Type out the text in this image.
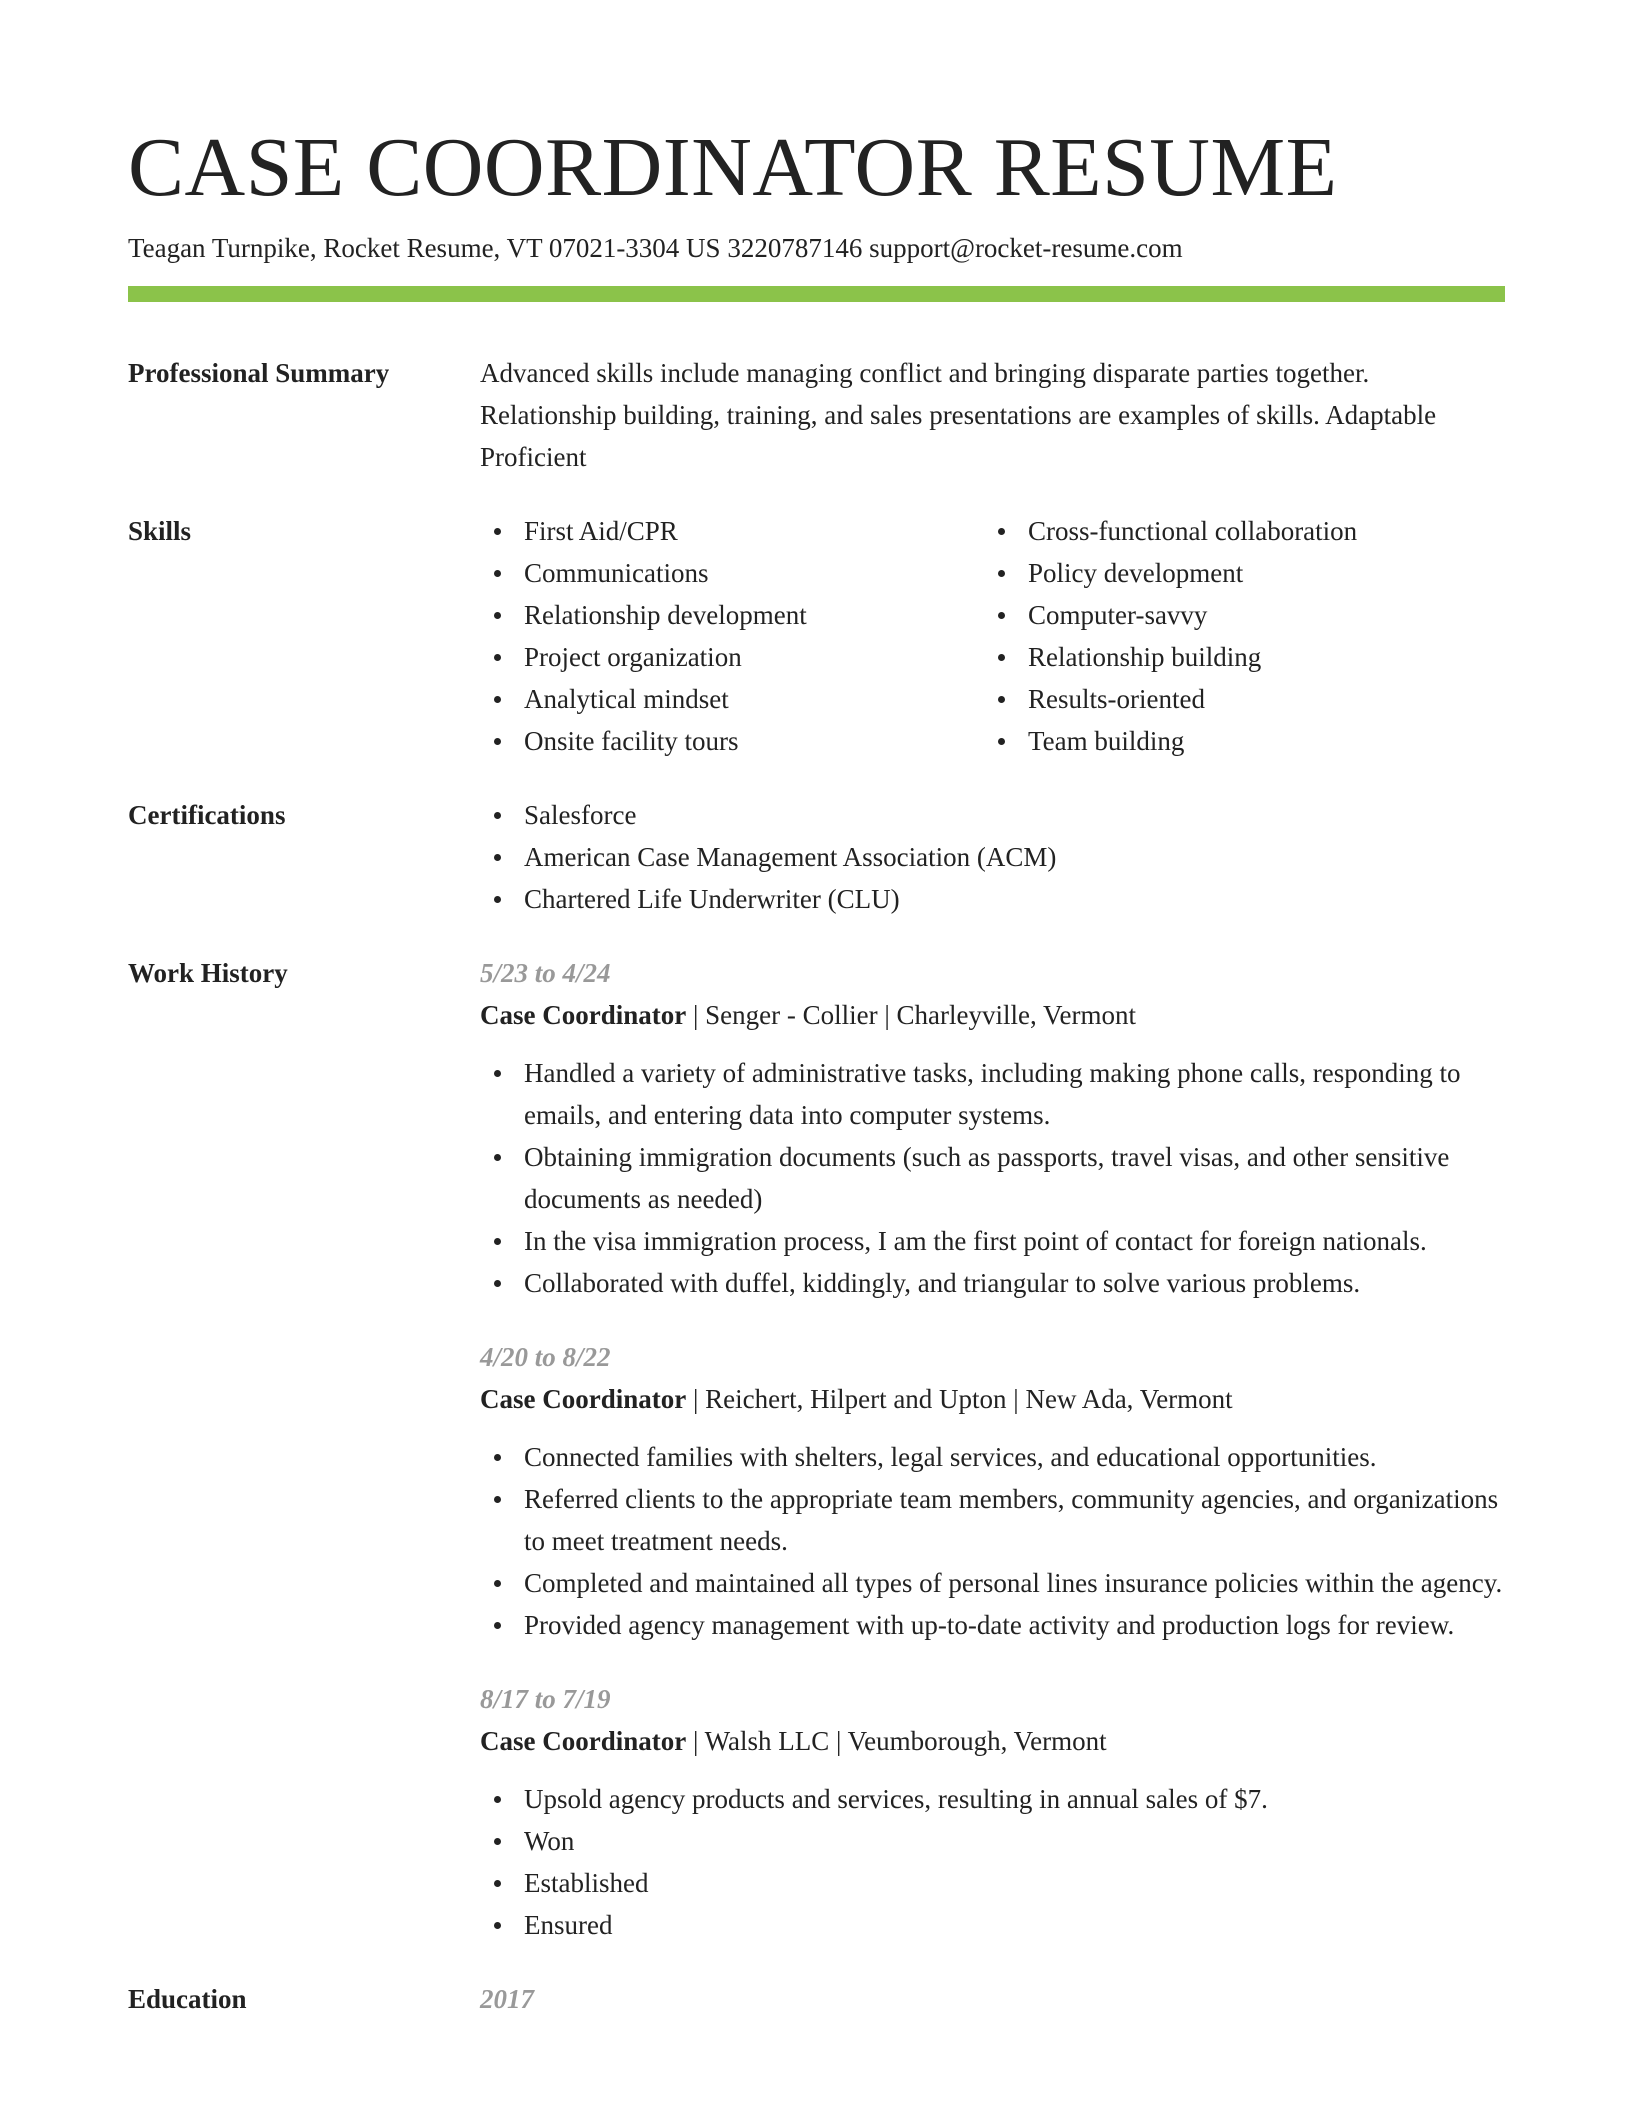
CASE COORDINATOR RESUME
Teagan Turnpike, Rocket Resume, VT 07021-3304 US 3220787146 support@rocket-resume.com
Professional Summary	Advanced skills include managing conflict and bringing disparate parties together. Relationship building, training, and sales presentations are examples of skills. Adaptable Proficient
Skills	First Aid/CPR
Communications
Relationship development
Project organization
Analytical mindset
Onsite facility tours
Cross-functional collaboration
Policy development
Computer-savvy
Relationship building
Results-oriented
Team building
Certifications	Salesforce
American Case Management Association (ACM)
Chartered Life Underwriter (CLU)
Work History	5/23 to 4/24
Case Coordinator | Senger - Collier | Charleyville, Vermont
Handled a variety of administrative tasks, including making phone calls, responding to emails, and entering data into computer systems.
Obtaining immigration documents (such as passports, travel visas, and other sensitive documents as needed)
In the visa immigration process, I am the first point of contact for foreign nationals.
Collaborated with duffel, kiddingly, and triangular to solve various problems.
4/20 to 8/22
Case Coordinator | Reichert, Hilpert and Upton | New Ada, Vermont
Connected families with shelters, legal services, and educational opportunities.
Referred clients to the appropriate team members, community agencies, and organizations to meet treatment needs.
Completed and maintained all types of personal lines insurance policies within the agency.
Provided agency management with up-to-date activity and production logs for review.
8/17 to 7/19
Case Coordinator | Walsh LLC | Veumborough, Vermont
Upsold agency products and services, resulting in annual sales of $7.
Won
Established
Ensured
Education	2017
